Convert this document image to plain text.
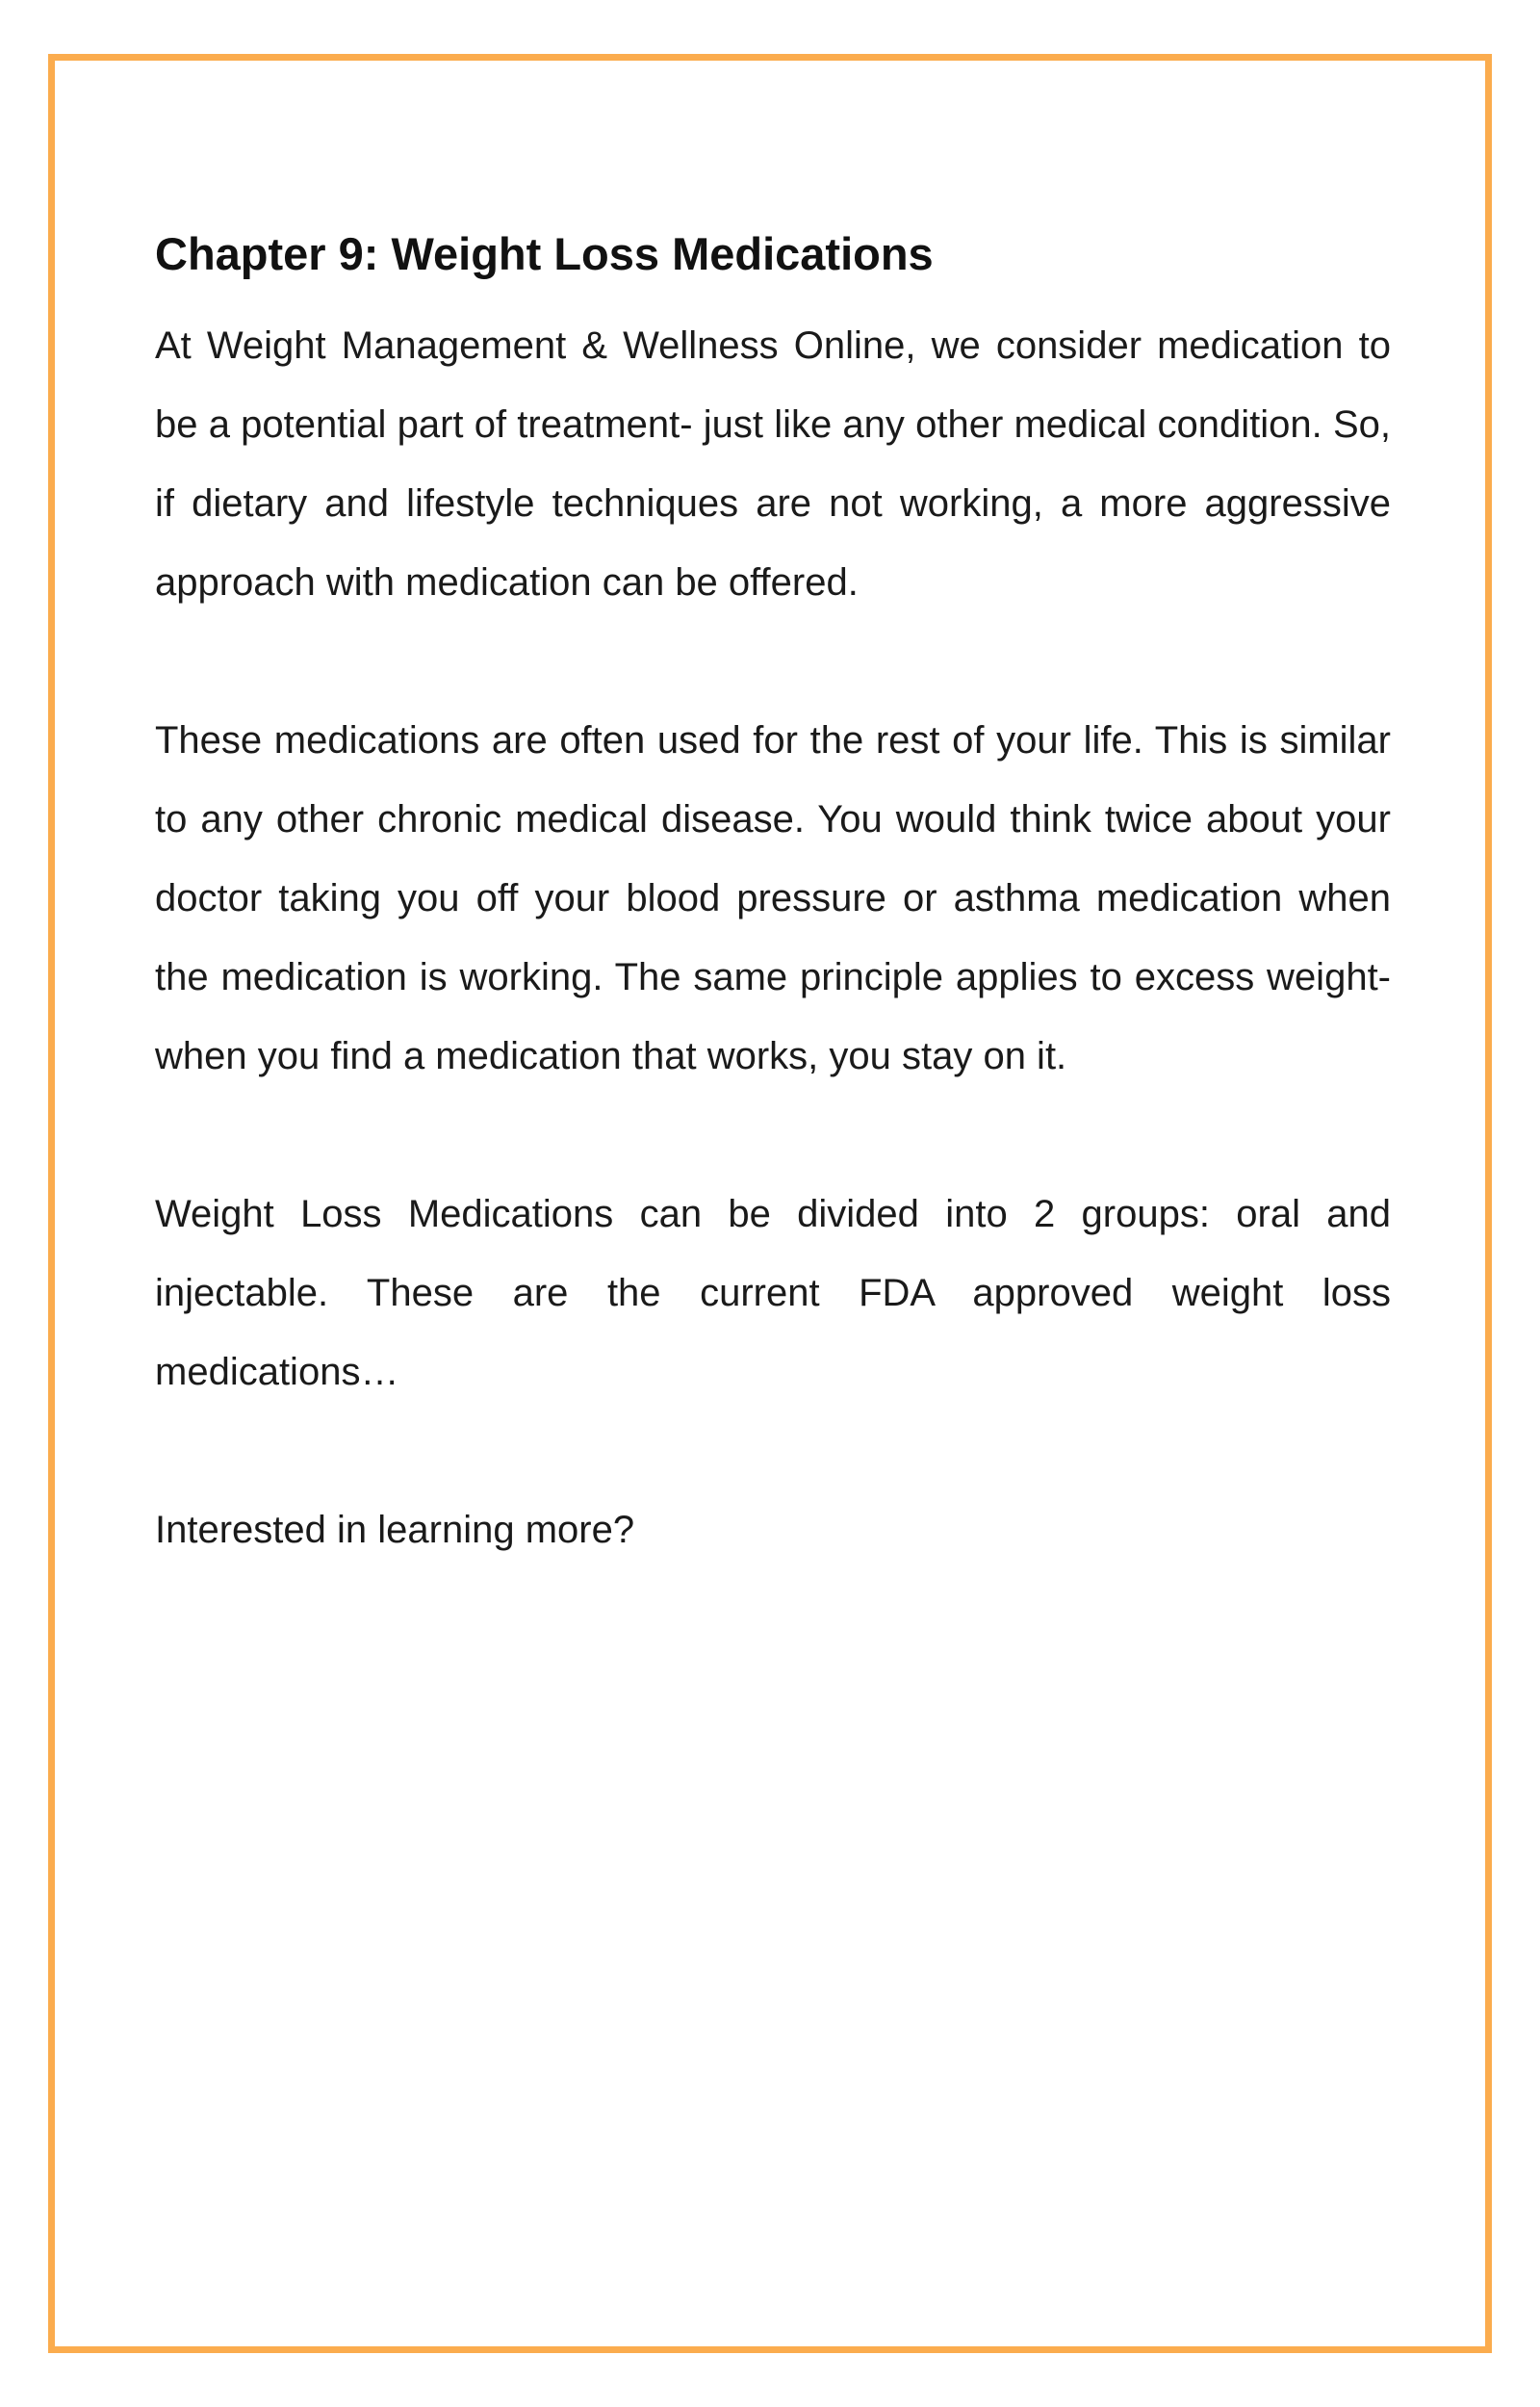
Chapter 9: Weight Loss Medications

At Weight Management & Wellness Online, we consider medication to be a potential part of treatment- just like any other medical condition. So, if dietary and lifestyle techniques are not working, a more aggressive approach with medication can be offered.

These medications are often used for the rest of your life. This is similar to any other chronic medical disease. You would think twice about your doctor taking you off your blood pressure or asthma medication when the medication is working. The same principle applies to excess weight- when you find a medication that works, you stay on it.

Weight Loss Medications can be divided into 2 groups: oral and injectable. These are the current FDA approved weight loss medications…

Interested in learning more?
